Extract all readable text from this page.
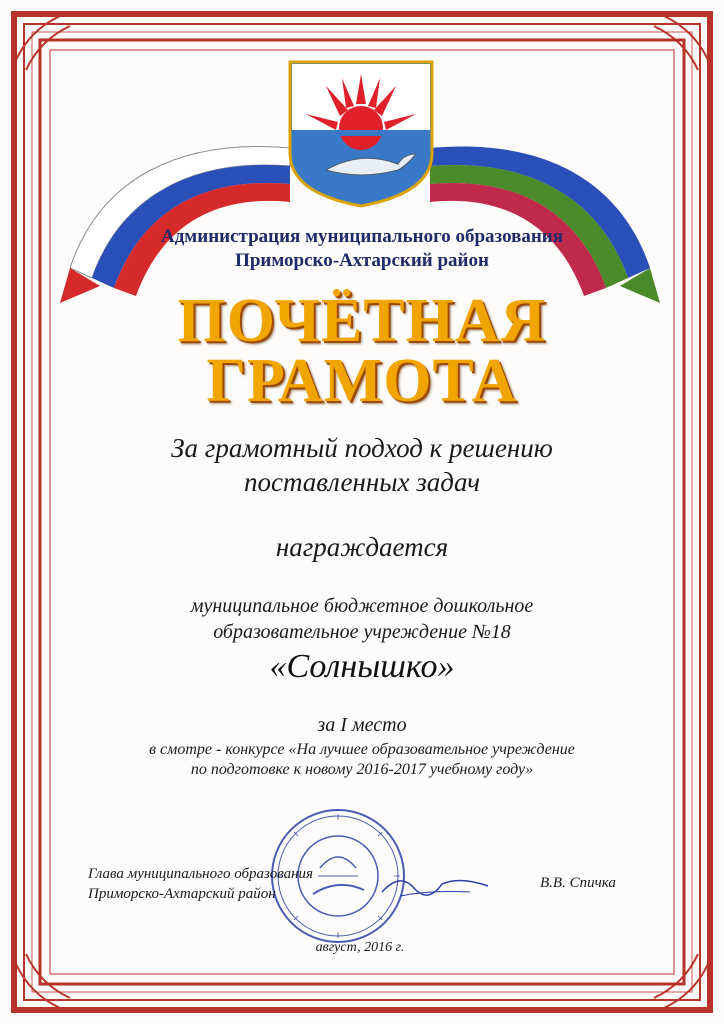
Администрация муниципального образования
Приморско-Ахтарский район
ПОЧЁТНАЯ
ГРАМОТА
За грамотный подход к решению
поставленных задач
награждается
муниципальное бюджетное дошкольное
образовательное учреждение №18
«Солнышко»
за I место
в смотре - конкурсе «На лучшее образовательное учреждение
по подготовке к новому 2016-2017 учебному году»
Глава муниципального образования
Приморско-Ахтарский район
В.В. Спичка
август, 2016 г.
